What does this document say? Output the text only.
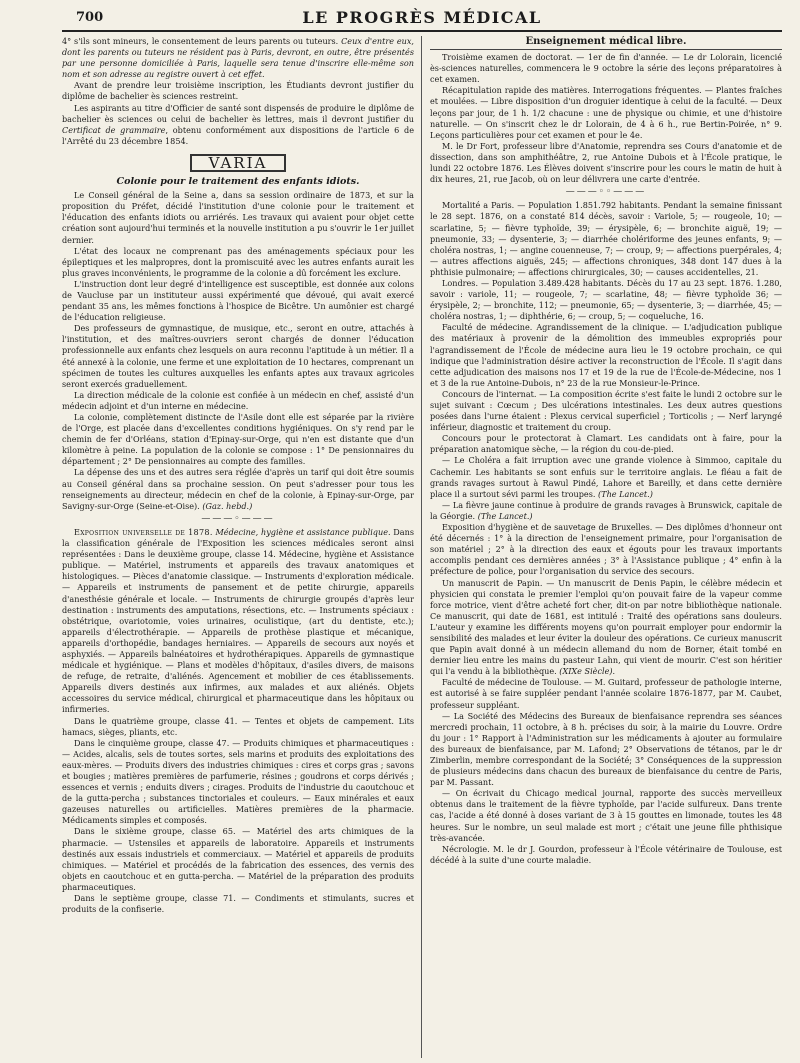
700	LE PROGRÈS MÉDICAL

4° s'ils sont mineurs, le consentement de leurs parents ou tuteurs. Ceux d'entre eux, dont les parents ou tuteurs ne résident pas à Paris, devront, en outre, être présentés par une personne domiciliée à Paris, laquelle sera tenue d'inscrire elle-même son nom et son adresse au registre ouvert à cet effet.

Avant de prendre leur troisième inscription, les Étudiants devront justifier du diplôme de bachelier ès sciences restreint.

Les aspirants au titre d'Officier de santé sont dispensés de produire le diplôme de bachelier ès sciences ou celui de bachelier ès lettres, mais il devront justifier du Certificat de grammaire, obtenu conformément aux dispositions de l'article 6 de l'Arrêté du 23 décembre 1854.

VARIA
Colonie pour le traitement des enfants idiots.

Le Conseil général de la Seine a, dans sa session ordinaire de 1873, et sur la proposition du Préfet, décidé l'institution d'une colonie pour le traitement et l'éducation des enfants idiots ou arriérés. Les travaux qui avaient pour objet cette création sont aujourd'hui terminés et la nouvelle institution a pu s'ouvrir le 1er juillet dernier.

L'état des locaux ne comprenant pas des aménagements spéciaux pour les épileptiques et les malpropres, dont la promiscuité avec les autres enfants aurait les plus graves inconvénients, le programme de la colonie a dû forcément les exclure.

L'instruction dont leur degré d'intelligence est susceptible, est donnée aux colons de Vaucluse par un instituteur aussi expérimenté que dévoué, qui avait exercé pendant 35 ans, les mêmes fonctions à l'hospice de Bicêtre. Un aumônier est chargé de l'éducation religieuse.

Des professeurs de gymnastique, de musique, etc., seront en outre, attachés à l'institution, et des maîtres-ouvriers seront chargés de donner l'éducation professionnelle aux enfants chez lesquels on aura reconnu l'aptitude à un métier. Il a été annexé à la colonie, une ferme et une exploitation de 10 hectares, comprenant un spécimen de toutes les cultures auxquelles les enfants aptes aux travaux agricoles seront exercés graduellement.

La direction médicale de la colonie est confiée à un médecin en chef, assisté d'un médecin adjoint et d'un interne en médecine.

La colonie, complètement distincte de l'Asile dont elle est séparée par la rivière de l'Orge, est placée dans d'excellentes conditions hygiéniques. On s'y rend par le chemin de fer d'Orléans, station d'Epinay-sur-Orge, qui n'en est distante que d'un kilomètre à peine. La population de la colonie se compose : 1° De pensionnaires du département ; 2° De pensionnaires au compte des familles.

La dépense des uns et des autres sera réglée d'après un tarif qui doit être soumis au Conseil général dans sa prochaine session. On peut s'adresser pour tous les renseignements au directeur, médecin en chef de la colonie, à Epinay-sur-Orge, par Savigny-sur-Orge (Seine-et-Oise). (Gaz. hebd.)

———◦———

Exposition universelle de 1878. Médecine, hygiène et assistance publique. Dans la classification générale de l'Exposition les sciences médicales seront ainsi représentées : Dans le deuxième groupe, classe 14. Médecine, hygiène et Assistance publique. — Matériel, instruments et appareils des travaux anatomiques et histologiques. — Pièces d'anatomie classique. — Instruments d'exploration médicale. — Appareils et instruments de pansement et de petite chirurgie, appareils d'anesthésie générale et locale. — Instruments de chirurgie groupés d'après leur destination : instruments des amputations, résections, etc. — Instruments spéciaux : obstétrique, ovariotomie, voies urinaires, oculistique, (art du dentiste, etc.); appareils d'électrothérapie. — Appareils de prothèse plastique et mécanique, appareils d'orthopédie, bandages herniaires. — Appareils de secours aux noyés et asphyxiés. — Appareils balnéatoires et hydrothérapiques. Appareils de gymnastique médicale et hygiénique. — Plans et modèles d'hôpitaux, d'asiles divers, de maisons de refuge, de retraite, d'aliénés. Agencement et mobilier de ces établissements. Appareils divers destinés aux infirmes, aux malades et aux aliénés. Objets accessoires du service médical, chirurgical et pharmaceutique dans les hôpitaux ou infirmeries.

Dans le quatrième groupe, classe 41. — Tentes et objets de campement. Lits hamacs, sièges, pliants, etc.

Dans le cinquième groupe, classe 47. — Produits chimiques et pharmaceutiques : — Acides, alcalis, sels de toutes sortes, sels marins et produits des exploitations des eaux-mères. — Produits divers des industries chimiques : cires et corps gras ; savons et bougies ; matières premières de parfumerie, résines ; goudrons et corps dérivés ; essences et vernis ; enduits divers ; cirages. Produits de l'industrie du caoutchouc et de la gutta-percha ; substances tinctoriales et couleurs. — Eaux minérales et eaux gazeuses naturelles ou artificielles. Matières premières de la pharmacie. Médicaments simples et composés.

Dans le sixième groupe, classe 65. — Matériel des arts chimiques de la pharmacie. — Ustensiles et appareils de laboratoire. Appareils et instruments destinés aux essais industriels et commerciaux. — Matériel et appareils de produits chimiques. — Matériel et procédés de la fabrication des essences, des vernis des objets en caoutchouc et en gutta-percha. — Matériel de la préparation des produits pharmaceutiques.

Dans le septième groupe, classe 71. — Condiments et stimulants, sucres et produits de la confiserie.

Enseignement médical libre.

Troisième examen de doctorat. — 1er de fin d'année. — Le dr Lolorain, licencié ès-sciences naturelles, commencera le 9 octobre la série des leçons préparatoires à cet examen.

Récapitulation rapide des matières. Interrogations fréquentes. — Plantes fraîches et moulées. — Libre disposition d'un droguier identique à celui de la faculté. — Deux leçons par jour, de 1 h. 1/2 chacune : une de physique ou chimie, et une d'histoire naturelle. — On s'inscrit chez le dr Lolorain, de 4 à 6 h., rue Bertin-Poirée, n° 9. Leçons particulières pour cet examen et pour le 4e.

M. le Dr Fort, professeur libre d'Anatomie, reprendra ses Cours d'anatomie et de dissection, dans son amphithéâtre, 2, rue Antoine Dubois et à l'École pratique, le lundi 22 octobre 1876. Les Élèves doivent s'inscrire pour les cours le matin de huit à dix heures, 21, rue Jacob, où on leur délivrera une carte d'entrée.

———◦◦———

Mortalité a Paris. — Population 1.851.792 habitants. Pendant la semaine finissant le 28 sept. 1876, on a constaté 814 décès, savoir : Variole, 5; — rougeole, 10; — scarlatine, 5; — fièvre typhoïde, 39; — érysipèle, 6; — bronchite aiguë, 19; — pneumonie, 33; — dysenterie, 3; — diarrhée cholériforme des jeunes enfants, 9; — choléra nostras, 1; — angine couenneuse, 7; — croup, 9; — affections puerpérales, 4; — autres affections aiguës, 245; — affections chroniques, 348 dont 147 dues à la phthisie pulmonaire; — affections chirurgicales, 30; — causes accidentelles, 21.

Londres. — Population 3.489.428 habitants. Décès du 17 au 23 sept. 1876. 1.280, savoir : variole, 11; — rougeole, 7; — scarlatine, 48; — fièvre typhoïde 36; — érysipèle, 2; — bronchite, 112; — pneumonie, 65; — dysenterie, 3; — diarrhée, 45; — choléra nostras, 1; — diphthérie, 6; — croup, 5; — coqueluche, 16.

Faculté de médecine. Agrandissement de la clinique. — L'adjudication publique des matériaux à provenir de la démolition des immeubles expropriés pour l'agrandissement de l'École de médecine aura lieu le 19 octobre prochain, ce qui indique que l'administration désire activer la reconstruction de l'École. Il s'agit dans cette adjudication des maisons nos 17 et 19 de la rue de l'École-de-Médecine, nos 1 et 3 de la rue Antoine-Dubois, n° 23 de la rue Monsieur-le-Prince.

Concours de l'internat. — La composition écrite s'est faite le lundi 2 octobre sur le sujet suivant : Cœcum ; Des ulcérations intestinales. Les deux autres questions posées dans l'urne étaient : Plexus cervical superficiel ; Torticolis ; — Nerf laryngé inférieur, diagnostic et traitement du croup.

Concours pour le protectorat à Clamart. Les candidats ont à faire, pour la préparation anatomique sèche, — la région du cou-de-pied.

— Le Choléra a fait irruption avec une grande violence à Simmoo, capitale du Cachemir. Les habitants se sont enfuis sur le territoire anglais. Le fléau a fait de grands ravages surtout à Rawul Pindé, Lahore et Bareilly, et dans cette dernière place il a surtout sévi parmi les troupes. (The Lancet.)

— La fièvre jaune continue à produire de grands ravages à Brunswick, capitale de la Géorgie. (The Lancet.)

Exposition d'hygiène et de sauvetage de Bruxelles. — Des diplômes d'honneur ont été décernés : 1° à la direction de l'enseignement primaire, pour l'organisation de son matériel ; 2° à la direction des eaux et égouts pour les travaux importants accomplis pendant ces dernières années ; 3° à l'Assistance publique ; 4° enfin à la préfecture de police, pour l'organisation du service des secours.

Un manuscrit de Papin. — Un manuscrit de Denis Papin, le célèbre médecin et physicien qui constata le premier l'emploi qu'on pouvait faire de la vapeur comme force motrice, vient d'être acheté fort cher, dit-on par notre bibliothèque nationale. Ce manuscrit, qui date de 1681, est intitulé : Traité des opérations sans douleurs. L'auteur y examine les différents moyens qu'on pourrait employer pour endormir la sensibilité des malades et leur éviter la douleur des opérations. Ce curieux manuscrit que Papin avait donné à un médecin allemand du nom de Borner, était tombé en dernier lieu entre les mains du pasteur Lahn, qui vient de mourir. C'est son héritier qui l'a vendu à la bibliothèque. (XIXe Siècle).

Faculté de médecine de Toulouse. — M. Guitard, professeur de pathologie interne, est autorisé à se faire suppléer pendant l'année scolaire 1876-1877, par M. Caubet, professeur suppléant.

— La Société des Médecins des Bureaux de bienfaisance reprendra ses séances mercredi prochain, 11 octobre, à 8 h. précises du soir, à la mairie du Louvre. Ordre du jour : 1° Rapport à l'Administration sur les médicaments à ajouter au formulaire des bureaux de bienfaisance, par M. Lafond; 2° Observations de tétanos, par le dr Zimberlin, membre correspondant de la Société; 3° Conséquences de la suppression de plusieurs médecins dans chacun des bureaux de bienfaisance du centre de Paris, par M. Passant.

— On écrivait du Chicago medical journal, rapporte des succès merveilleux obtenus dans le traitement de la fièvre typhoïde, par l'acide sulfureux. Dans trente cas, l'acide a été donné à doses variant de 3 à 15 gouttes en limonade, toutes les 48 heures. Sur le nombre, un seul malade est mort ; c'était une jeune fille phthisique très-avancée.

Nécrologie. M. le dr J. Gourdon, professeur à l'École vétérinaire de Toulouse, est décédé à la suite d'une courte maladie.
